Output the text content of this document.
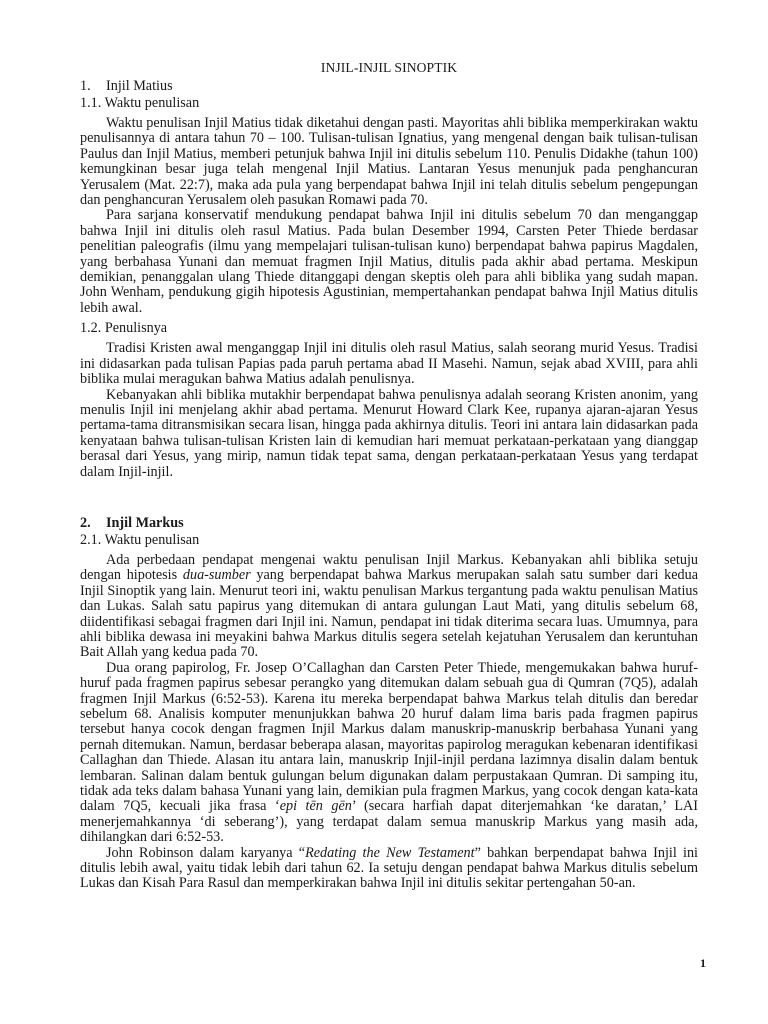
INJIL-INJIL SINOPTIK
1. Injil Matius
1.1. Waktu penulisan

Waktu penulisan Injil Matius tidak diketahui dengan pasti. Mayoritas ahli biblika memperkirakan waktu penulisannya di antara tahun 70 – 100. Tulisan-tulisan Ignatius, yang mengenal dengan baik tulisan-tulisan Paulus dan Injil Matius, memberi petunjuk bahwa Injil ini ditulis sebelum 110. Penulis Didakhe (tahun 100) kemungkinan besar juga telah mengenal Injil Matius. Lantaran Yesus menunjuk pada penghancuran Yerusalem (Mat. 22:7), maka ada pula yang berpendapat bahwa Injil ini telah ditulis sebelum pengepungan dan penghancuran Yerusalem oleh pasukan Romawi pada 70.

Para sarjana konservatif mendukung pendapat bahwa Injil ini ditulis sebelum 70 dan menganggap bahwa Injil ini ditulis oleh rasul Matius. Pada bulan Desember 1994, Carsten Peter Thiede berdasar penelitian paleografis (ilmu yang mempelajari tulisan-tulisan kuno) berpendapat bahwa papirus Magdalen, yang berbahasa Yunani dan memuat fragmen Injil Matius, ditulis pada akhir abad pertama. Meskipun demikian, penanggalan ulang Thiede ditanggapi dengan skeptis oleh para ahli biblika yang sudah mapan. John Wenham, pendukung gigih hipotesis Agustinian, mempertahankan pendapat bahwa Injil Matius ditulis lebih awal.

1.2. Penulisnya

Tradisi Kristen awal menganggap Injil ini ditulis oleh rasul Matius, salah seorang murid Yesus. Tradisi ini didasarkan pada tulisan Papias pada paruh pertama abad II Masehi. Namun, sejak abad XVIII, para ahli biblika mulai meragukan bahwa Matius adalah penulisnya.

Kebanyakan ahli biblika mutakhir berpendapat bahwa penulisnya adalah seorang Kristen anonim, yang menulis Injil ini menjelang akhir abad pertama. Menurut Howard Clark Kee, rupanya ajaran-ajaran Yesus pertama-tama ditransmisikan secara lisan, hingga pada akhirnya ditulis. Teori ini antara lain didasarkan pada kenyataan bahwa tulisan-tulisan Kristen lain di kemudian hari memuat perkataan-perkataan yang dianggap berasal dari Yesus, yang mirip, namun tidak tepat sama, dengan perkataan-perkataan Yesus yang terdapat dalam Injil-injil.

2. Injil Markus
2.1. Waktu penulisan

Ada perbedaan pendapat mengenai waktu penulisan Injil Markus. Kebanyakan ahli biblika setuju dengan hipotesis dua-sumber yang berpendapat bahwa Markus merupakan salah satu sumber dari kedua Injil Sinoptik yang lain. Menurut teori ini, waktu penulisan Markus tergantung pada waktu penulisan Matius dan Lukas. Salah satu papirus yang ditemukan di antara gulungan Laut Mati, yang ditulis sebelum 68, diidentifikasi sebagai fragmen dari Injil ini. Namun, pendapat ini tidak diterima secara luas. Umumnya, para ahli biblika dewasa ini meyakini bahwa Markus ditulis segera setelah kejatuhan Yerusalem dan keruntuhan Bait Allah yang kedua pada 70.

Dua orang papirolog, Fr. Josep O’Callaghan dan Carsten Peter Thiede, mengemukakan bahwa huruf-huruf pada fragmen papirus sebesar perangko yang ditemukan dalam sebuah gua di Qumran (7Q5), adalah fragmen Injil Markus (6:52-53). Karena itu mereka berpendapat bahwa Markus telah ditulis dan beredar sebelum 68. Analisis komputer menunjukkan bahwa 20 huruf dalam lima baris pada fragmen papirus tersebut hanya cocok dengan fragmen Injil Markus dalam manuskrip-manuskrip berbahasa Yunani yang pernah ditemukan. Namun, berdasar beberapa alasan, mayoritas papirolog meragukan kebenaran identifikasi Callaghan dan Thiede. Alasan itu antara lain, manuskrip Injil-injil perdana lazimnya disalin dalam bentuk lembaran. Salinan dalam bentuk gulungan belum digunakan dalam perpustakaan Qumran. Di samping itu, tidak ada teks dalam bahasa Yunani yang lain, demikian pula fragmen Markus, yang cocok dengan kata-kata dalam 7Q5, kecuali jika frasa ‘epi tēn gēn’ (secara harfiah dapat diterjemahkan ‘ke daratan,’ LAI menerjemahkannya ‘di seberang’), yang terdapat dalam semua manuskrip Markus yang masih ada, dihilangkan dari 6:52-53.

John Robinson dalam karyanya “Redating the New Testament” bahkan berpendapat bahwa Injil ini ditulis lebih awal, yaitu tidak lebih dari tahun 62. Ia setuju dengan pendapat bahwa Markus ditulis sebelum Lukas dan Kisah Para Rasul dan memperkirakan bahwa Injil ini ditulis sekitar pertengahan 50-an.

1
